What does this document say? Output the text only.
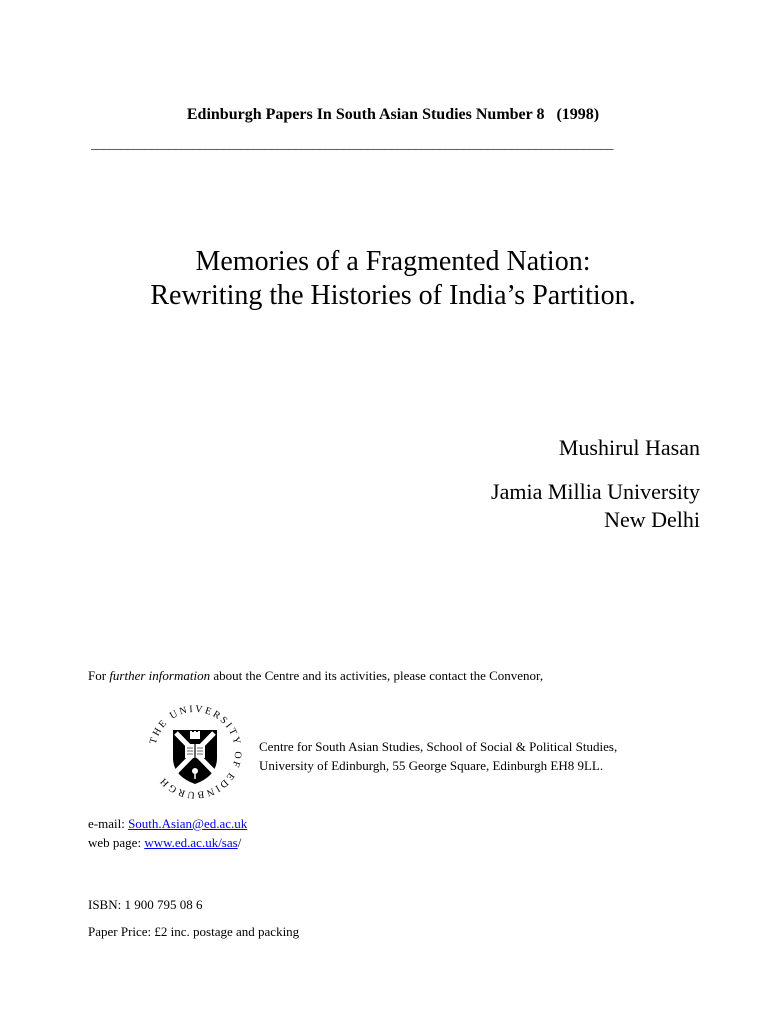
Edinburgh Papers In South Asian Studies Number 8   (1998)
_______________________________________________________________________________________
Memories of a Fragmented Nation:
Rewriting the Histories of India’s Partition.
Mushirul Hasan
Jamia Millia University
New Delhi
For further information about the Centre and its activities, please contact the Convenor,
THE UNIVERSITY OF EDINBURGH
Centre for South Asian Studies, School of Social & Political Studies,
University of Edinburgh, 55 George Square, Edinburgh EH8 9LL.
e-mail: South.Asian@ed.ac.uk
web page: www.ed.ac.uk/sas/
ISBN: 1 900 795 08 6
Paper Price: £2 inc. postage and packing
